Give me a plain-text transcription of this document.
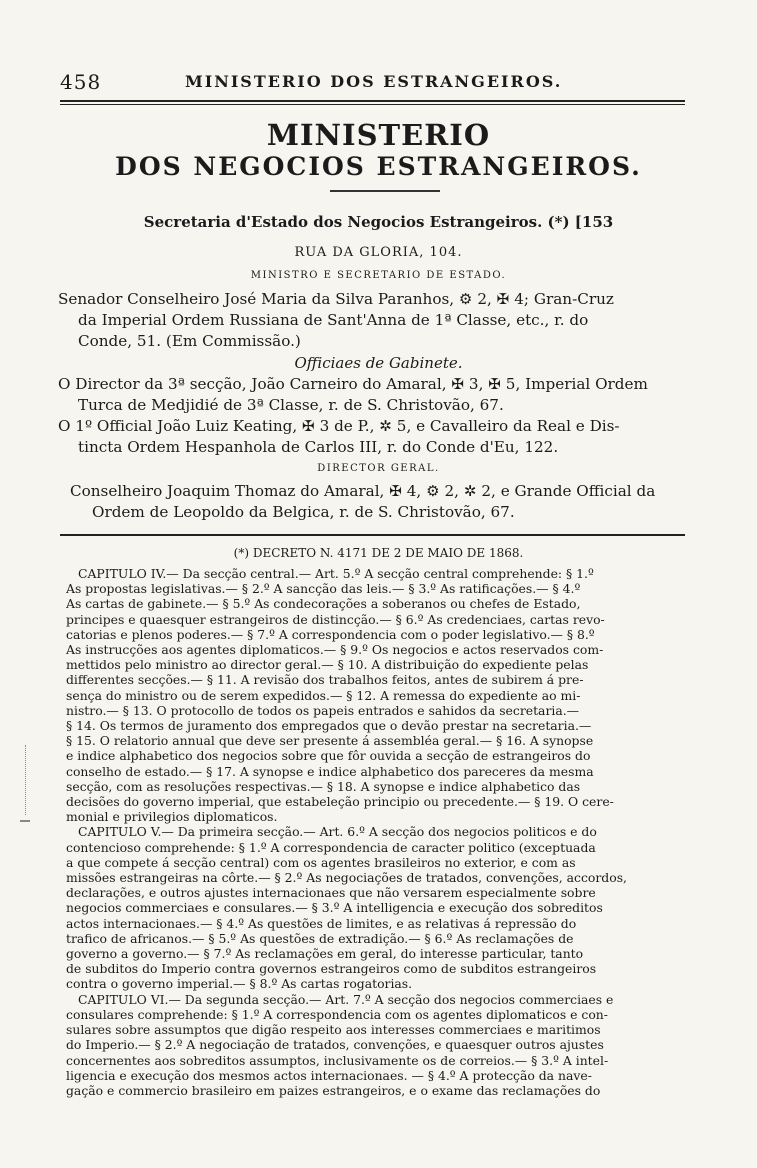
458	MINISTERIO DOS ESTRANGEIROS.
MINISTERIO
DOS NEGOCIOS ESTRANGEIROS.
Secretaria d'Estado dos Negocios Estrangeiros. (*) [153
RUA DA GLORIA, 104.
MINISTRO E SECRETARIO DE ESTADO.
Senador Conselheiro José Maria da Silva Paranhos, ⚙ 2, ✠ 4; Gran-Cruz
da Imperial Ordem Russiana de Sant'Anna de 1ª Classe, etc., r. do
Conde, 51. (Em Commissão.)
Officiaes de Gabinete.
O Director da 3ª secção, João Carneiro do Amaral, ✠ 3, ✠ 5, Imperial Ordem
Turca de Medjidié de 3ª Classe, r. de S. Christovão, 67.
O 1º Official João Luiz Keating, ✠ 3 de P., ✲ 5, e Cavalleiro da Real e Dis-
tincta Ordem Hespanhola de Carlos III, r. do Conde d'Eu, 122.
DIRECTOR GERAL.
Conselheiro Joaquim Thomaz do Amaral, ✠ 4, ⚙ 2, ✲ 2, e Grande Official da
Ordem de Leopoldo da Belgica, r. de S. Christovão, 67.
(*) DECRETO N. 4171 DE 2 DE MAIO DE 1868.
CAPITULO IV.— Da secção central.— Art. 5.º A secção central comprehende: § 1.º
As propostas legislativas.— § 2.º A sancção das leis.— § 3.º As ratificações.— § 4.º
As cartas de gabinete.— § 5.º As condecorações a soberanos ou chefes de Estado,
principes e quaesquer estrangeiros de distincção.— § 6.º As credenciaes, cartas revo-
catorias e plenos poderes.— § 7.º A correspondencia com o poder legislativo.— § 8.º
As instrucções aos agentes diplomaticos.— § 9.º Os negocios e actos reservados com-
mettidos pelo ministro ao director geral.— § 10. A distribuição do expediente pelas
differentes secções.— § 11. A revisão dos trabalhos feitos, antes de subirem á pre-
sença do ministro ou de serem expedidos.— § 12. A remessa do expediente ao mi-
nistro.— § 13. O protocollo de todos os papeis entrados e sahidos da secretaria.—
§ 14. Os termos de juramento dos empregados que o devão prestar na secretaria.—
§ 15. O relatorio annual que deve ser presente á assembléa geral.— § 16. A synopse
e indice alphabetico dos negocios sobre que fôr ouvida a secção de estrangeiros do
conselho de estado.— § 17. A synopse e indice alphabetico dos pareceres da mesma
secção, com as resoluções respectivas.— § 18. A synopse e indice alphabetico das
decisões do governo imperial, que estabeleção principio ou precedente.— § 19. O cere-
monial e privilegios diplomaticos.
CAPITULO V.— Da primeira secção.— Art. 6.º A secção dos negocios politicos e do
contencioso comprehende: § 1.º A correspondencia de caracter politico (exceptuada
a que compete á secção central) com os agentes brasileiros no exterior, e com as
missões estrangeiras na côrte.— § 2.º As negociações de tratados, convenções, accordos,
declarações, e outros ajustes internacionaes que não versarem especialmente sobre
negocios commerciaes e consulares.— § 3.º A intelligencia e execução dos sobreditos
actos internacionaes.— § 4.º As questões de limites, e as relativas á repressão do
trafico de africanos.— § 5.º As questões de extradição.— § 6.º As reclamações de
governo a governo.— § 7.º As reclamações em geral, do interesse particular, tanto
de subditos do Imperio contra governos estrangeiros como de subditos estrangeiros
contra o governo imperial.— § 8.º As cartas rogatorias.
CAPITULO VI.— Da segunda secção.— Art. 7.º A secção dos negocios commerciaes e
consulares comprehende: § 1.º A correspondencia com os agentes diplomaticos e con-
sulares sobre assumptos que digão respeito aos interesses commerciaes e maritimos
do Imperio.— § 2.º A negociação de tratados, convenções, e quaesquer outros ajustes
concernentes aos sobreditos assumptos, inclusivamente os de correios.— § 3.º A intel-
ligencia e execução dos mesmos actos internacionaes. — § 4.º A protecção da nave-
gação e commercio brasileiro em paizes estrangeiros, e o exame das reclamações do
